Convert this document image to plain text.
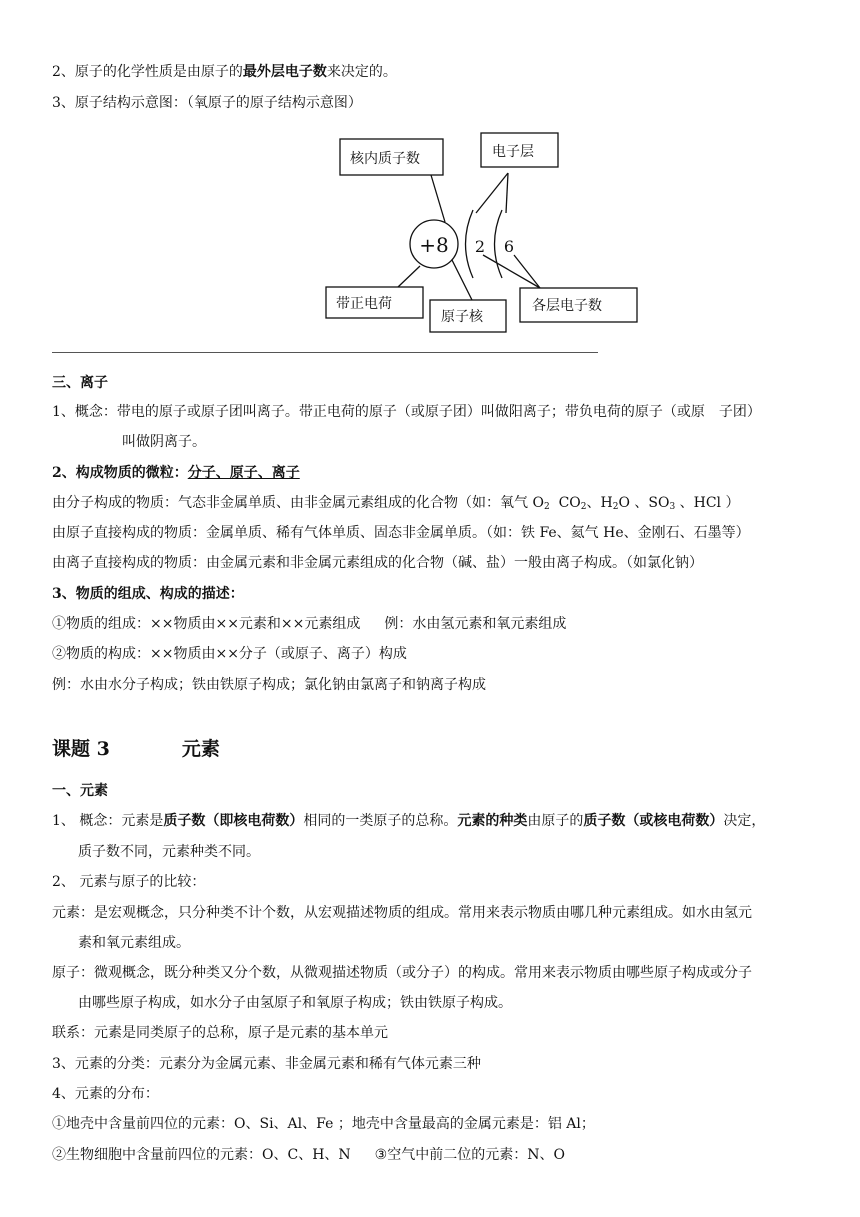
2、原子的化学性质是由原子的最外层电子数来决定的。
3、原子结构示意图：（氧原子的原子结构示意图）
核内质子数	电子层
带正电荷
原子核
各层电子数
+8 2 6
三、离子
1、概念：带电的原子或原子团叫离子。带正电荷的原子（或原子团）叫做阳离子；带负电荷的原子（或原　子团）
叫做阴离子。
2、构成物质的微粒：分子、原子、离子
由分子构成的物质：气态非金属单质、由非金属元素组成的化合物（如：氧气 $O_2$  $CO_2$、$H_2O$ 、$SO_3$ 、HCl ）
由原子直接构成的物质：金属单质、稀有气体单质、固态非金属单质。（如：铁 Fe、氦气 He、金刚石、石墨等）
由离子直接构成的物质：由金属元素和非金属元素组成的化合物（碱、盐）一般由离子构成。（如氯化钠）
3、物质的组成、构成的描述：
①物质的组成：××物质由××元素和××元素组成 例：水由氢元素和氧元素组成
②物质的构成：××物质由××分子（或原子、离子）构成
例：水由水分子构成；铁由铁原子构成；氯化钠由氯离子和钠离子构成
课题 3	元素
一、元素
1、 概念：元素是质子数（即核电荷数）相同的一类原子的总称。元素的种类由原子的质子数（或核电荷数）决定，
质子数不同，元素种类不同。
2、 元素与原子的比较：
元素：是宏观概念，只分种类不计个数，从宏观描述物质的组成。常用来表示物质由哪几种元素组成。如水由氢元
素和氧元素组成。
原子：微观概念，既分种类又分个数，从微观描述物质（或分子）的构成。常用来表示物质由哪些原子构成或分子
由哪些原子构成，如水分子由氢原子和氧原子构成；铁由铁原子构成。
联系：元素是同类原子的总称，原子是元素的基本单元
3、元素的分类：元素分为金属元素、非金属元素和稀有气体元素三种
4、元素的分布：
①地壳中含量前四位的元素：O、Si、Al、Fe ；地壳中含量最高的金属元素是：铝 Al；
②生物细胞中含量前四位的元素：O、C、H、N ③空气中前二位的元素：N、O
